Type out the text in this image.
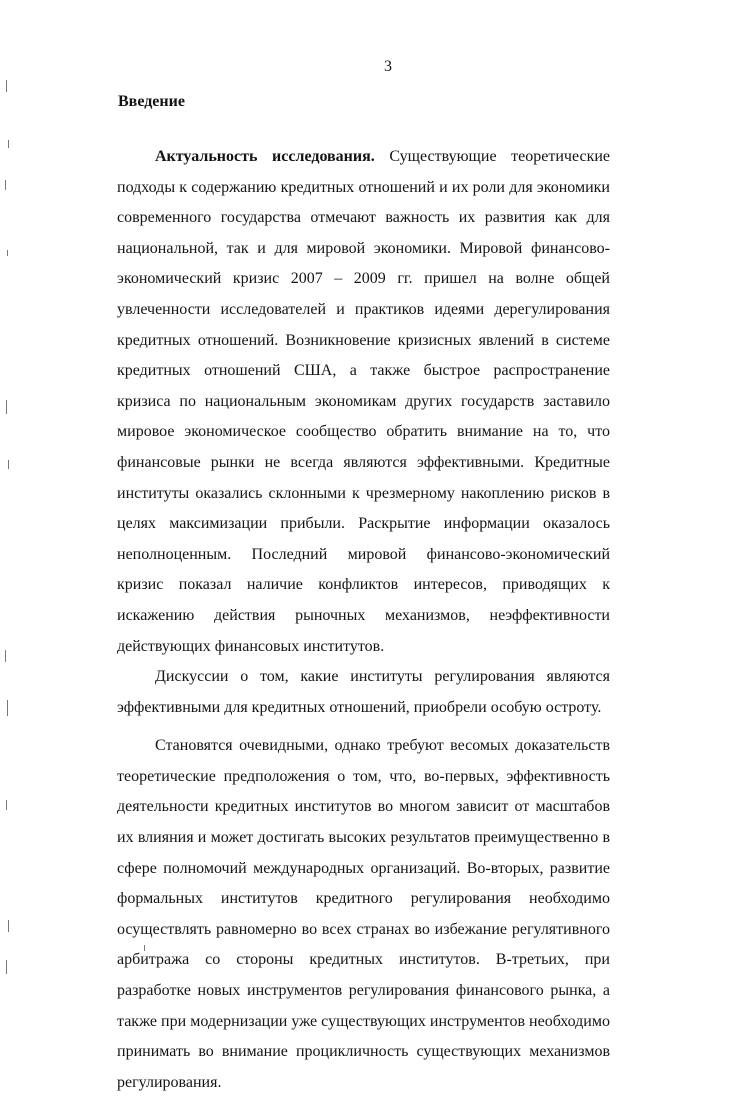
3
Введение

Актуальность исследования. Существующие теоретические подходы к содержанию кредитных отношений и их роли для экономики современного государства отмечают важность их развития как для национальной, так и для мировой экономики. Мировой финансово-экономический кризис 2007 – 2009 гг. пришел на волне общей увлеченности исследователей и практиков идеями дерегулирования кредитных отношений. Возникновение кризисных явлений в системе кредитных отношений США, а также быстрое распространение кризиса по национальным экономикам других государств заставило мировое экономическое сообщество обратить внимание на то, что финансовые рынки не всегда являются эффективными. Кредитные институты оказались склонными к чрезмерному накоплению рисков в целях максимизации прибыли. Раскрытие информации оказалось неполноценным. Последний мировой финансово-экономический кризис показал наличие конфликтов интересов, приводящих к искажению действия рыночных механизмов, неэффективности действующих финансовых институтов.

Дискуссии о том, какие институты регулирования являются эффективными для кредитных отношений, приобрели особую остроту.

Становятся очевидными, однако требуют весомых доказательств теоретические предположения о том, что, во-первых, эффективность деятельности кредитных институтов во многом зависит от масштабов их влияния и может достигать высоких результатов преимущественно в сфере полномочий международных организаций. Во-вторых, развитие формальных институтов кредитного регулирования необходимо осуществлять равномерно во всех странах во избежание регулятивного арбитража со стороны кредитных институтов. В-третьих, при разработке новых инструментов регулирования финансового рынка, а также при модернизации уже существующих инструментов необходимо принимать во внимание процикличность существующих механизмов регулирования.
